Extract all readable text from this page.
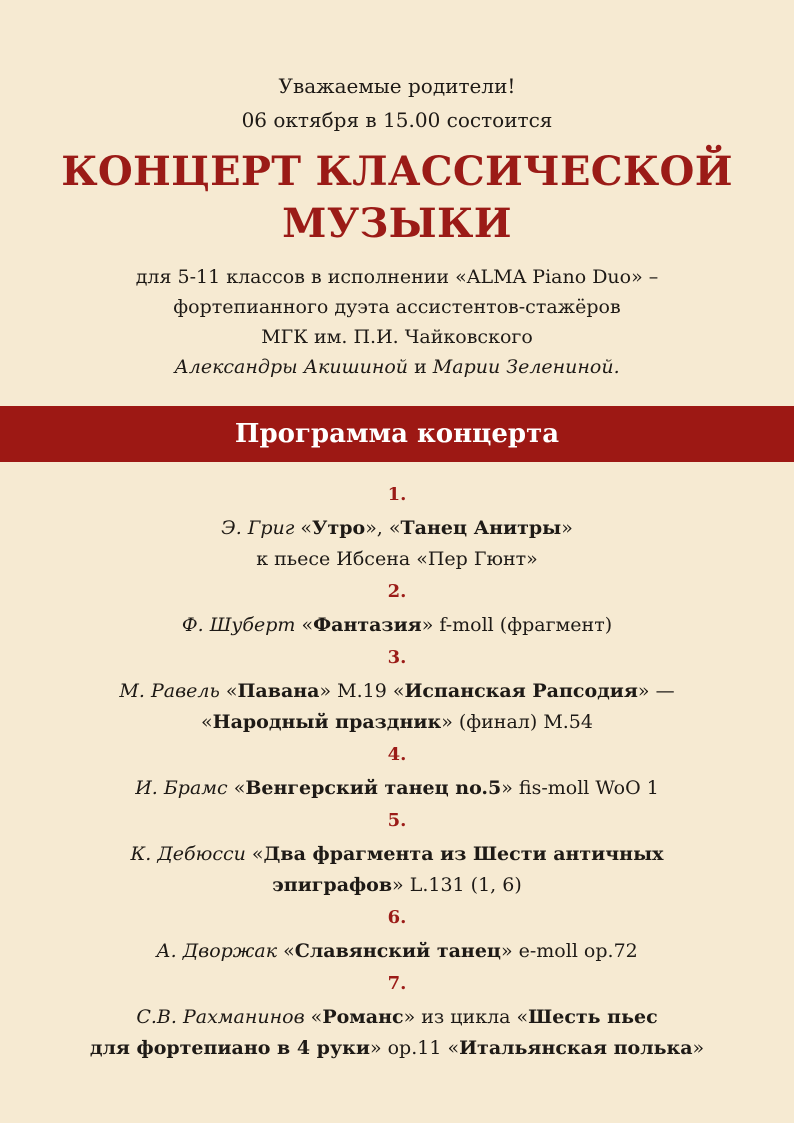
Уважаемые родители!
06 октября в 15.00 состоится
КОНЦЕРТ КЛАССИЧЕСКОЙ
МУЗЫКИ
для 5-11 классов в исполнении «ALMA Piano Duo» –
фортепианного дуэта ассистентов-стажёров
МГК им. П.И. Чайковского
Александры Акишиной и Марии Зелениной.
Программа концерта
1.
Э. Григ «Утро», «Танец Анитры»
к пьесе Ибсена «Пер Гюнт»
2.
Ф. Шуберт «Фантазия» f-moll (фрагмент)
3.
М. Равель «Павана» M.19 «Испанская Рапсодия» —
«Народный праздник» (финал) M.54
4.
И. Брамс «Венгерский танец no.5» fis-moll WoO 1
5.
К. Дебюсси «Два фрагмента из Шести античных
эпиграфов» L.131 (1, 6)
6.
А. Дворжак «Славянский танец» e-moll op.72
7.
С.В. Рахманинов «Романс» из цикла «Шесть пьес
для фортепиано в 4 руки» op.11 «Итальянская полька»
